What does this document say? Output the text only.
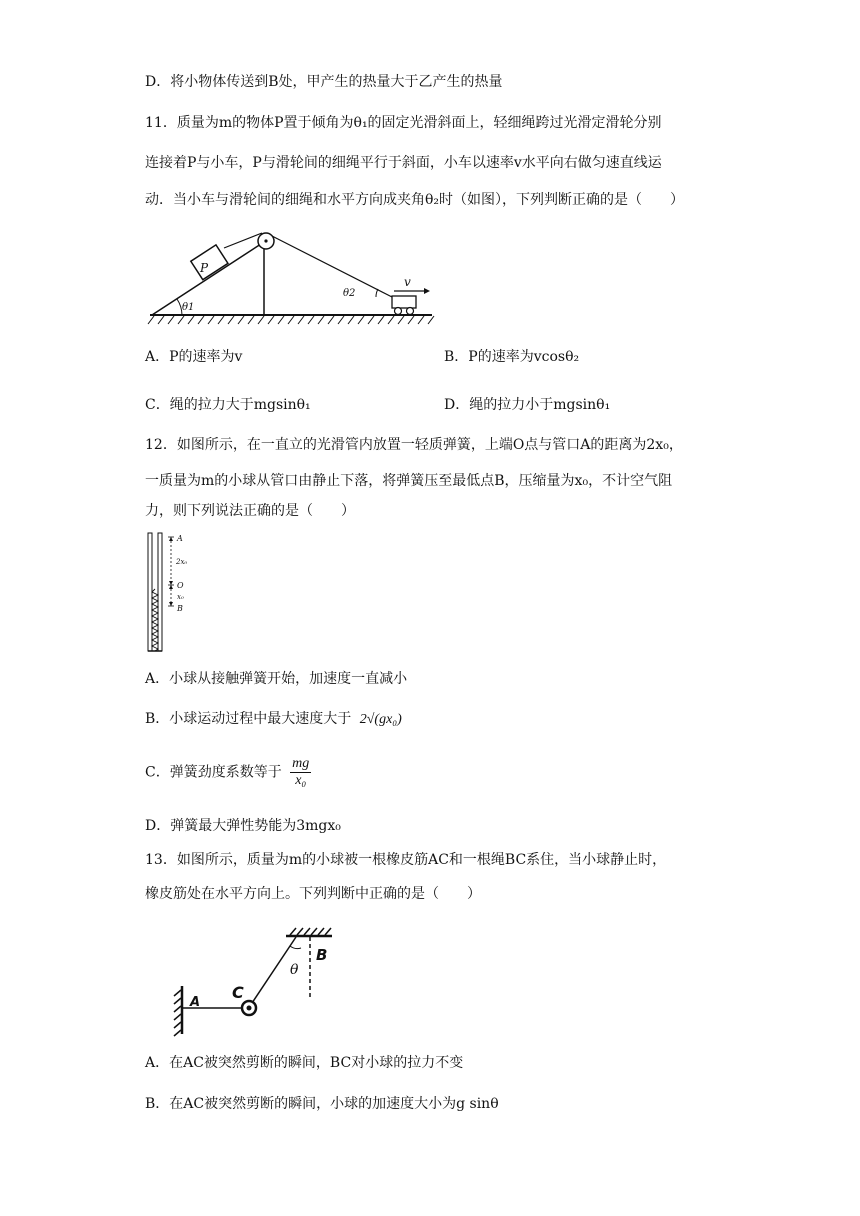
D．将小物体传送到B处，甲产生的热量大于乙产生的热量
11．质量为m的物体P置于倾角为θ₁的固定光滑斜面上，轻细绳跨过光滑定滑轮分别
连接着P与小车，P与滑轮间的细绳平行于斜面，小车以速率v水平向右做匀速直线运
动．当小车与滑轮间的细绳和水平方向成夹角θ₂时（如图），下列判断正确的是（　　）
P
θ1
θ2
v
A．P的速率为v	B．P的速率为vcosθ₂
C．绳的拉力大于mgsinθ₁	D．绳的拉力小于mgsinθ₁
12．如图所示，在一直立的光滑管内放置一轻质弹簧，上端O点与管口A的距离为2x₀，
一质量为m的小球从管口由静止下落，将弹簧压至最低点B，压缩量为x₀，不计空气阻
力，则下列说法正确的是（　　）
A
2x₀
O
x₀
B
A．小球从接触弹簧开始，加速度一直减小
B．小球运动过程中最大速度大于 2√(gx₀)
C．弹簧劲度系数等于 $\frac{mg}{\text{x₀}}$
D．弹簧最大弹性势能为3mgx₀
13．如图所示，质量为m的小球被一根橡皮筋AC和一根绳BC系住，当小球静止时，
橡皮筋处在水平方向上。下列判断中正确的是（　　）
θ
B
C
A
A．在AC被突然剪断的瞬间，BC对小球的拉力不变
B．在AC被突然剪断的瞬间，小球的加速度大小为g sinθ
